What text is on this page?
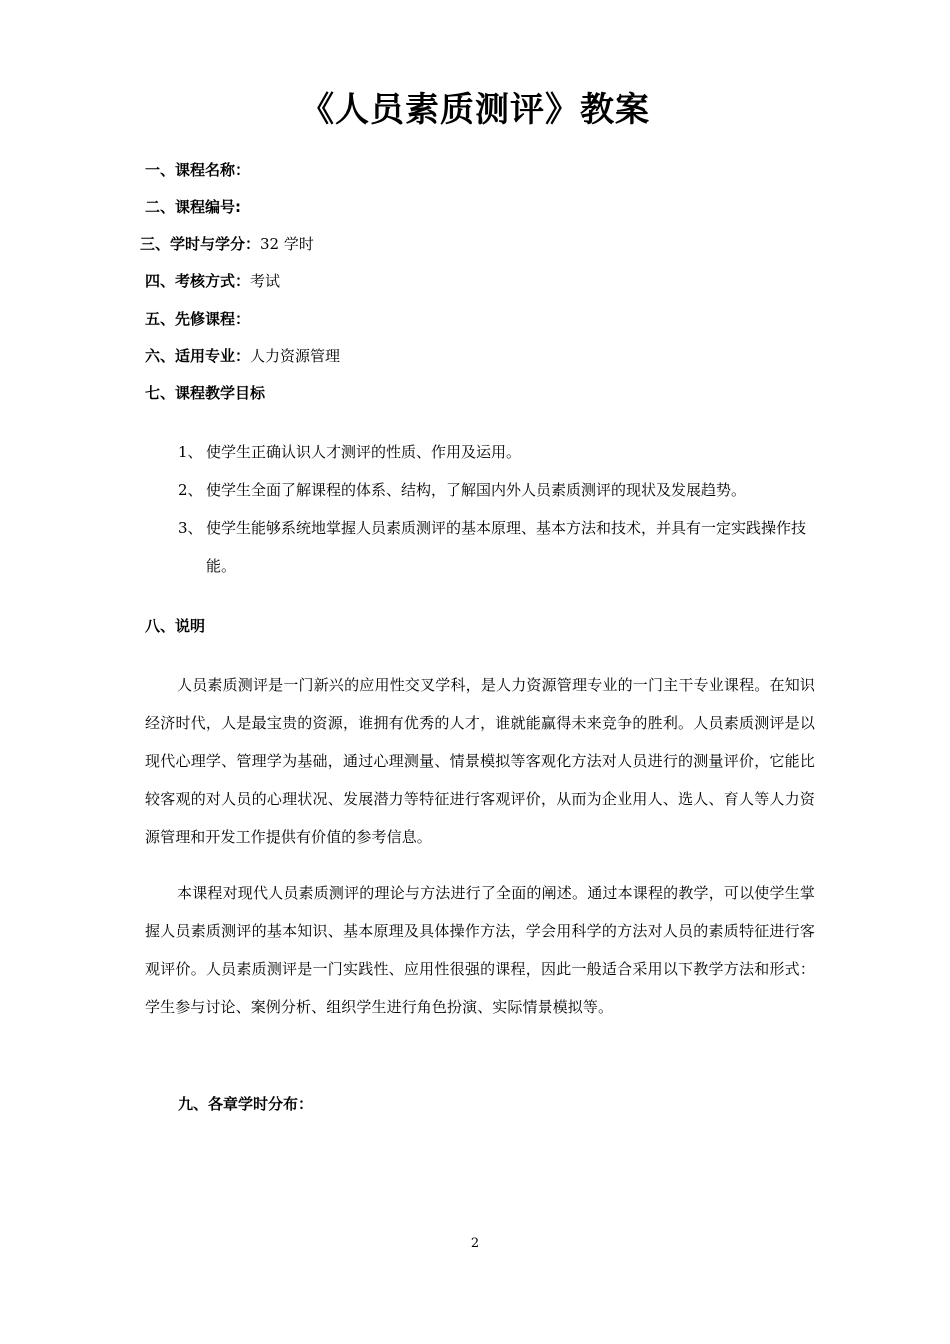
《人员素质测评》教案
一、课程名称：
二、课程编号:
三、学时与学分：32 学时
四、考核方式：考试
五、先修课程：
六、适用专业：人力资源管理
七、课程教学目标
1、 使学生正确认识人才测评的性质、作用及运用。
2、 使学生全面了解课程的体系、结构，了解国内外人员素质测评的现状及发展趋势。
3、 使学生能够系统地掌握人员素质测评的基本原理、基本方法和技术，并具有一定实践操作技能。
八、说明
人员素质测评是一门新兴的应用性交叉学科，是人力资源管理专业的一门主干专业课程。在知识经济时代，人是最宝贵的资源，谁拥有优秀的人才，谁就能赢得未来竞争的胜利。人员素质测评是以现代心理学、管理学为基础，通过心理测量、情景模拟等客观化方法对人员进行的测量评价，它能比较客观的对人员的心理状况、发展潜力等特征进行客观评价，从而为企业用人、选人、育人等人力资源管理和开发工作提供有价值的参考信息。
本课程对现代人员素质测评的理论与方法进行了全面的阐述。通过本课程的教学，可以使学生掌握人员素质测评的基本知识、基本原理及具体操作方法，学会用科学的方法对人员的素质特征进行客观评价。人员素质测评是一门实践性、应用性很强的课程，因此一般适合采用以下教学方法和形式：学生参与讨论、案例分析、组织学生进行角色扮演、实际情景模拟等。
九、各章学时分布：
2
